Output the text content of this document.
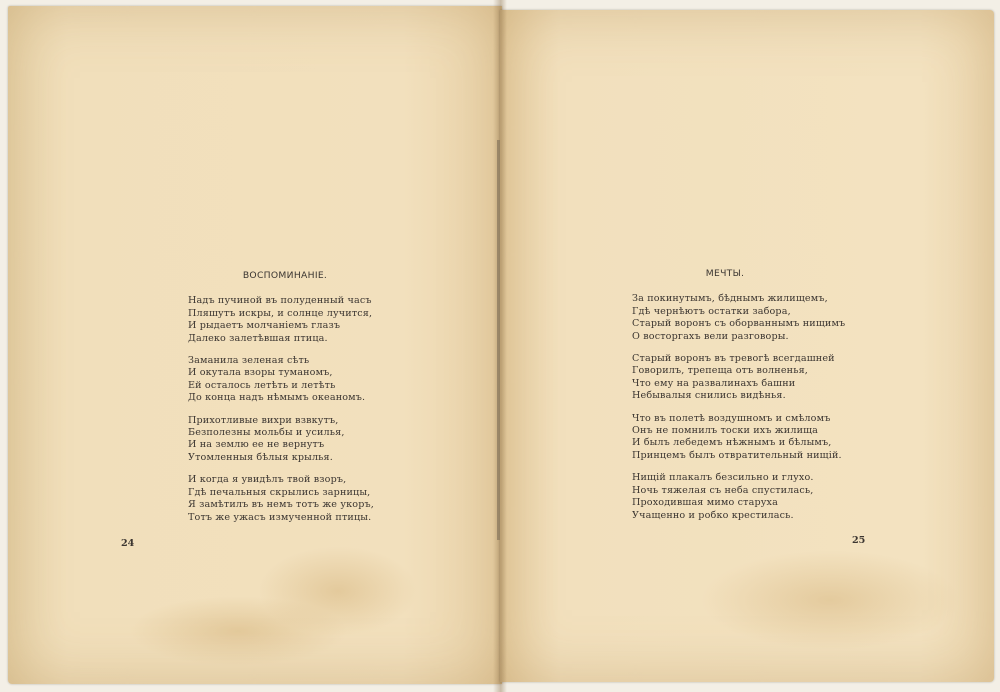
ВОСПОМИНАНІЕ.
Надъ пучиной въ полуденный часъ
Пляшутъ искры, и солнце лучится,
И рыдаетъ молчаніемъ глазъ
Далеко залетѣвшая птица.
Заманила зеленая сѣть
И окутала взоры туманомъ,
Ей осталось летѣть и летѣть
До конца надъ нѣмымъ океаномъ.
Прихотливые вихри взвкутъ,
Безполезны мольбы и усилья,
И на землю ее не вернутъ
Утомленныя бѣлыя крылья.
И когда я увидѣлъ твой взоръ,
Гдѣ печальныя скрылись зарницы,
Я замѣтилъ въ немъ тотъ же укоръ,
Тотъ же ужасъ измученной птицы.
МЕЧТЫ.
За покинутымъ, бѣднымъ жилищемъ,
Гдѣ чернѣютъ остатки забора,
Старый воронъ съ оборваннымъ нищимъ
О восторгахъ вели разговоры.
Старый воронъ въ тревогѣ всегдашней
Говорилъ, трепеща отъ волненья,
Что ему на развалинахъ башни
Небывалыя снились видѣнья.
Что въ полетѣ воздушномъ и смѣломъ
Онъ не помнилъ тоски ихъ жилища
И былъ лебедемъ нѣжнымъ и бѣлымъ,
Принцемъ былъ отвратительный нищій.
Нищій плакалъ безсильно и глухо.
Ночь тяжелая съ неба спустилась,
Проходившая мимо старуха
Учащенно и робко крестилась.
24	25
